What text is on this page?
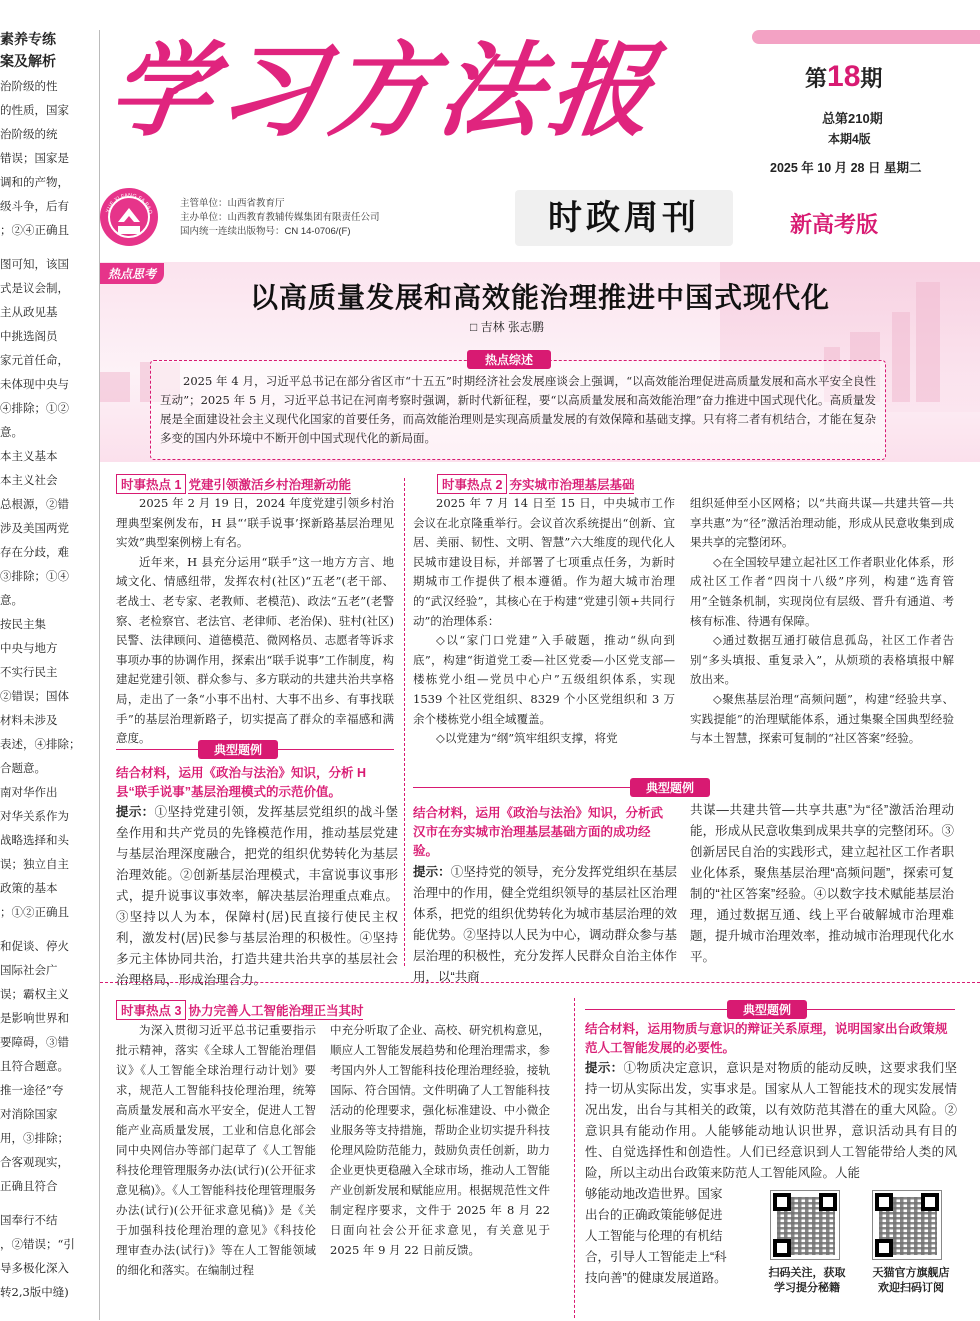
素养专练
案及解析
治阶级的性
的性质，国家
治阶级的统
错误；国家是
调和的产物，
级斗争，后有
；②④正确且
图可知，该国
式是议会制，
主从政见基
中挑选阁员
家元首任命，
未体现中央与
④排除；①②
意。
本主义基本
本主义社会
总根源，②错
涉及美国两党
存在分歧，难
③排除；①④
意。
按民主集
中央与地方
不实行民主
②错误；国体
材料未涉及
表述，④排除；
合题意。
南对华作出
对华关系作为
战略选择和头
误；独立自主
政策的基本
；①②正确且
和促谈、停火
国际社会广
误；霸权主义
是影响世界和
要障碍，③错
且符合题意。
推一途径”夸
对消除国家
用，③排除；
合客观现实，
正确且符合
国奉行不结
，②错误；“引
导多极化深入
转2,3版中缝)
学习方法报	第18期
总第210期
本期4版
2025 年 10 月 28 日 星期二
XUE XI FANG FA BAO
主管单位：山西省教育厅
主办单位：山西教育教辅传媒集团有限责任公司
国内统一连续出版物号：CN 14-0706/(F)	时政周刊	新高考版
热点思考
以高质量发展和高效能治理推进中国式现代化
□ 吉林 张志鹏
热点综述
2025 年 4 月，习近平总书记在部分省区市“十五五”时期经济社会发展座谈会上强调，“以高效能治理促进高质量发展和高水平安全良性互动”；2025 年 5 月，习近平总书记在河南考察时强调，新时代新征程，要“以高质量发展和高效能治理”奋力推进中国式现代化。高质量发展是全面建设社会主义现代化国家的首要任务，而高效能治理则是实现高质量发展的有效保障和基础支撑。只有将二者有机结合，才能在复杂多变的国内外环境中不断开创中国式现代化的新局面。
时事热点 1 党建引领激活乡村治理新动能

2025 年 2 月 19 日，2024 年度党建引领乡村治理典型案例发布，H 县“‘联手说事’探新路基层治理见实效”典型案例榜上有名。

近年来，H 县充分运用“联手”这一地方方言、地域文化、情感纽带，发挥农村(社区)“五老”(老干部、老战士、老专家、老教师、老模范)、政法“五老”(老警察、老检察官、老法官、老律师、老治保)、驻村(社区)民警、法律顾问、道德模范、微网格员、志愿者等诉求事项办事的协调作用，探索出“联手说事”工作制度，构建起党建引领、群众参与、多方联动的共建共治共享格局，走出了一条“小事不出村、大事不出乡、有事找联手”的基层治理新路子，切实提高了群众的幸福感和满意度。

典型题例
结合材料，运用《政治与法治》知识，分析 H 县“联手说事”基层治理模式的示范价值。
提示：①坚持党建引领，发挥基层党组织的战斗堡垒作用和共产党员的先锋模范作用，推动基层党建与基层治理深度融合，把党的组织优势转化为基层治理效能。②创新基层治理模式，丰富说事议事形式，提升说事议事效率，解决基层治理重点难点。③坚持以人为本，保障村(居)民直接行使民主权利，激发村(居)民参与基层治理的积极性。④坚持多元主体协同共治，打造共建共治共享的基层社会治理格局，形成治理合力。
时事热点 2 夯实城市治理基层基础

2025 年 7 月 14 日至 15 日，中央城市工作会议在北京隆重举行。会议首次系统提出“创新、宜居、美丽、韧性、文明、智慧”六大维度的现代化人民城市建设目标，并部署了七项重点任务，为新时期城市工作提供了根本遵循。作为超大城市治理的“武汉经验”，其核心在于构建“党建引领+共同行动”的治理体系：

◇以“家门口党建”入手破题，推动“纵向到底”，构建“街道党工委—社区党委—小区党支部—楼栋党小组—党员中心户”五级组织体系，实现 1539 个社区党组织、8329 个小区党组织和 3 万余个楼栋党小组全域覆盖。

◇以党建为“纲”筑牢组织支撑，将党

组织延伸至小区网格；以“共商共谋—共建共管—共享共惠”为“径”激活治理动能，形成从民意收集到成果共享的完整闭环。

◇在全国较早建立起社区工作者职业化体系，形成社区工作者“四岗十八级”序列，构建“选育管用”全链条机制，实现岗位有层级、晋升有通道、考核有标准、待遇有保障。

◇通过数据互通打破信息孤岛，社区工作者告别“多头填报、重复录入”，从烦琐的表格填报中解放出来。

◇聚焦基层治理“高频问题”，构建“经验共享、实践提能”的治理赋能体系，通过集聚全国典型经验与本土智慧，探索可复制的“社区答案”经验。

典型题例
结合材料，运用《政治与法治》知识，分析武汉市在夯实城市治理基层基础方面的成功经验。
提示：①坚持党的领导，充分发挥党组织在基层治理中的作用，健全党组织领导的基层社区治理体系，把党的组织优势转化为城市基层治理的效能优势。②坚持以人民为中心，调动群众参与基层治理的积极性，充分发挥人民群众自治主体作用，以“共商
共谋—共建共管—共享共惠”为“径”激活治理动能，形成从民意收集到成果共享的完整闭环。③创新居民自治的实践形式，建立起社区工作者职业化体系，聚焦基层治理“高频问题”，探索可复制的“社区答案”经验。④以数字技术赋能基层治理，通过数据互通、线上平台破解城市治理难题，提升城市治理效率，推动城市治理现代化水平。
时事热点 3 协力完善人工智能治理正当其时

为深入贯彻习近平总书记重要指示批示精神，落实《全球人工智能治理倡议》《人工智能全球治理行动计划》要求，规范人工智能科技伦理治理，统筹高质量发展和高水平安全，促进人工智能产业高质量发展，工业和信息化部会同中央网信办等部门起草了《人工智能科技伦理管理服务办法(试行)(公开征求意见稿)》。《人工智能科技伦理管理服务办法(试行)(公开征求意见稿)》是《关于加强科技伦理治理的意见》《科技伦理审查办法(试行)》等在人工智能领域的细化和落实。在编制过程

中充分听取了企业、高校、研究机构意见，顺应人工智能发展趋势和伦理治理需求，参考国内外人工智能科技伦理治理经验，接轨国际、符合国情。文件明确了人工智能科技活动的伦理要求，强化标准建设、中小微企业服务等支持措施，帮助企业切实提升科技伦理风险防范能力，鼓励负责任创新，助力企业更快更稳融入全球市场，推动人工智能产业创新发展和赋能应用。根据规范性文件制定程序要求，文件于 2025 年 8 月 22 日面向社会公开征求意见，有关意见于 2025 年 9 月 22 日前反馈。

典型题例
结合材料，运用物质与意识的辩证关系原理，说明国家出台政策规范人工智能发展的必要性。
提示：①物质决定意识，意识是对物质的能动反映，这要求我们坚持一切从实际出发，实事求是。国家从人工智能技术的现实发展情况出发，出台与其相关的政策，以有效防范其潜在的重大风险。②意识具有能动作用。人能够能动地认识世界，意识活动具有目的性、自觉选择性和创造性。人们已经意识到人工智能带给人类的风险，所以主动出台政策来防范人工智能风险。人能
够能动地改造世界。国家
出台的正确政策能够促进
人工智能与伦理的有机结
合，引导人工智能走上“科
技向善”的健康发展道路。	扫码关注，获取
学习提分秘籍
天猫官方旗舰店
欢迎扫码订阅
